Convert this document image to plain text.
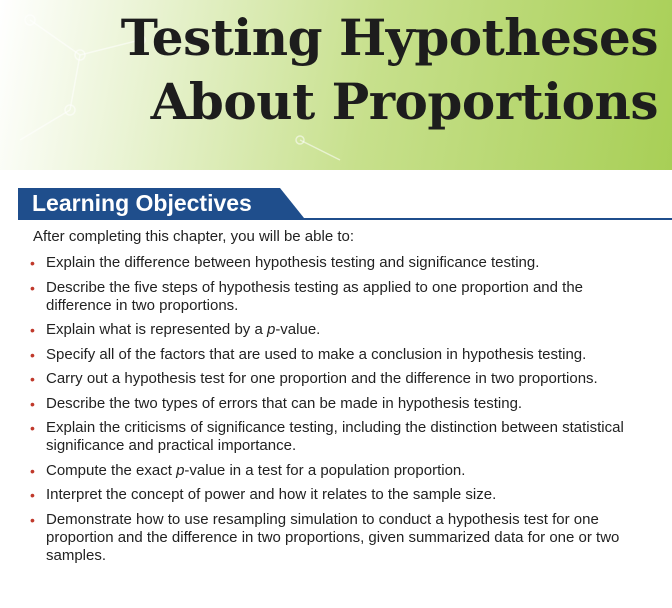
Testing Hypotheses
About Proportions
Learning Objectives
After completing this chapter, you will be able to:
• Explain the difference between hypothesis testing and significance testing.
• Describe the five steps of hypothesis testing as applied to one proportion and the difference in two proportions.
• Explain what is represented by a p-value.
• Specify all of the factors that are used to make a conclusion in hypothesis testing.
• Carry out a hypothesis test for one proportion and the difference in two proportions.
• Describe the two types of errors that can be made in hypothesis testing.
• Explain the criticisms of significance testing, including the distinction between statistical significance and practical importance.
• Compute the exact p-value in a test for a population proportion.
• Interpret the concept of power and how it relates to the sample size.
• Demonstrate how to use resampling simulation to conduct a hypothesis test for one proportion and the difference in two proportions, given summarized data for one or two samples.
